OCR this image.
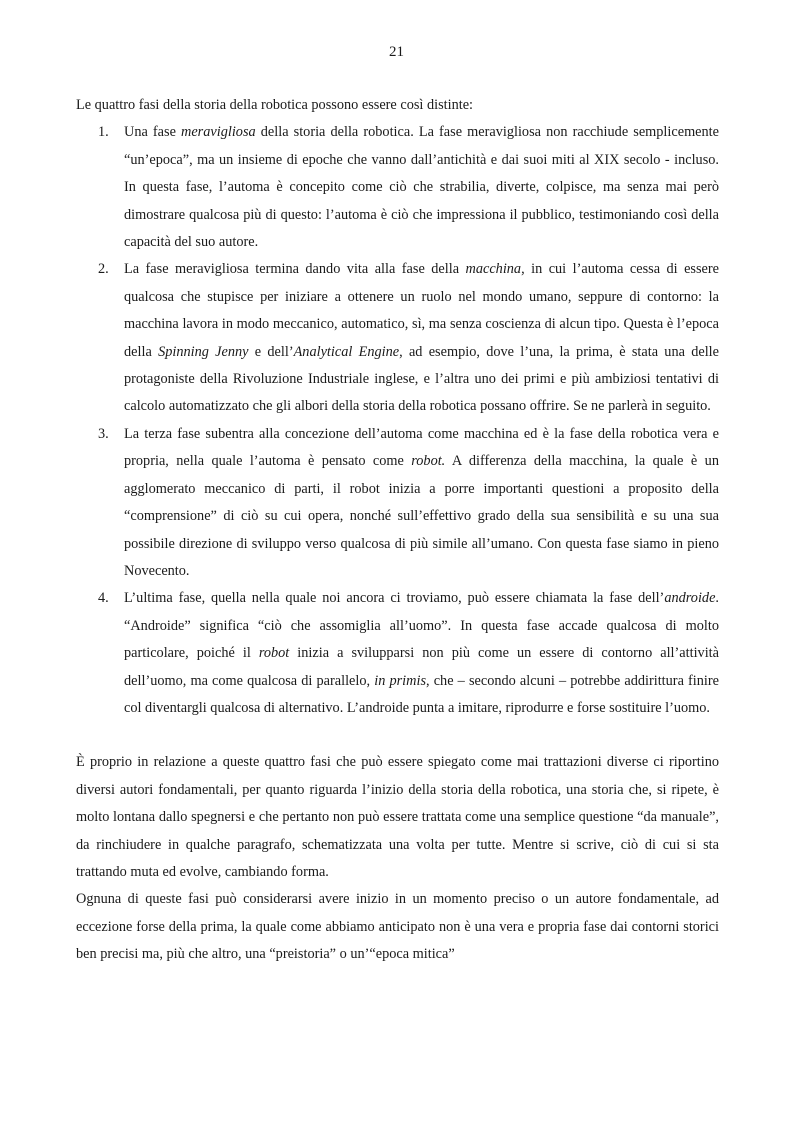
21

Le quattro fasi della storia della robotica possono essere così distinte:

1. Una fase meravigliosa della storia della robotica. La fase meravigliosa non racchiude semplicemente “un’epoca”, ma un insieme di epoche che vanno dall’antichità e dai suoi miti al XIX secolo - incluso. In questa fase, l’automa è concepito come ciò che strabilia, diverte, colpisce, ma senza mai però dimostrare qualcosa più di questo: l’automa è ciò che impressiona il pubblico, testimoniando così della capacità del suo autore.
2. La fase meravigliosa termina dando vita alla fase della macchina, in cui l’automa cessa di essere qualcosa che stupisce per iniziare a ottenere un ruolo nel mondo umano, seppure di contorno: la macchina lavora in modo meccanico, automatico, sì, ma senza coscienza di alcun tipo. Questa è l’epoca della Spinning Jenny e dell’Analytical Engine, ad esempio, dove l’una, la prima, è stata una delle protagoniste della Rivoluzione Industriale inglese, e l’altra uno dei primi e più ambiziosi tentativi di calcolo automatizzato che gli albori della storia della robotica possano offrire. Se ne parlerà in seguito.
3. La terza fase subentra alla concezione dell’automa come macchina ed è la fase della robotica vera e propria, nella quale l’automa è pensato come robot. A differenza della macchina, la quale è un agglomerato meccanico di parti, il robot inizia a porre importanti questioni a proposito della “comprensione” di ciò su cui opera, nonché sull’effettivo grado della sua sensibilità e su una sua possibile direzione di sviluppo verso qualcosa di più simile all’umano. Con questa fase siamo in pieno Novecento.
4. L’ultima fase, quella nella quale noi ancora ci troviamo, può essere chiamata la fase dell’androide. “Androide” significa “ciò che assomiglia all’uomo”. In questa fase accade qualcosa di molto particolare, poiché il robot inizia a svilupparsi non più come un essere di contorno all’attività dell’uomo, ma come qualcosa di parallelo, in primis, che – secondo alcuni – potrebbe addirittura finire col diventargli qualcosa di alternativo. L’androide punta a imitare, riprodurre e forse sostituire l’uomo.

È proprio in relazione a queste quattro fasi che può essere spiegato come mai trattazioni diverse ci riportino diversi autori fondamentali, per quanto riguarda l’inizio della storia della robotica, una storia che, si ripete, è molto lontana dallo spegnersi e che pertanto non può essere trattata come una semplice questione “da manuale”, da rinchiudere in qualche paragrafo, schematizzata una volta per tutte. Mentre si scrive, ciò di cui si sta trattando muta ed evolve, cambiando forma.

Ognuna di queste fasi può considerarsi avere inizio in un momento preciso o un autore fondamentale, ad eccezione forse della prima, la quale come abbiamo anticipato non è una vera e propria fase dai contorni storici ben precisi ma, più che altro, una “preistoria” o un’“epoca mitica”
